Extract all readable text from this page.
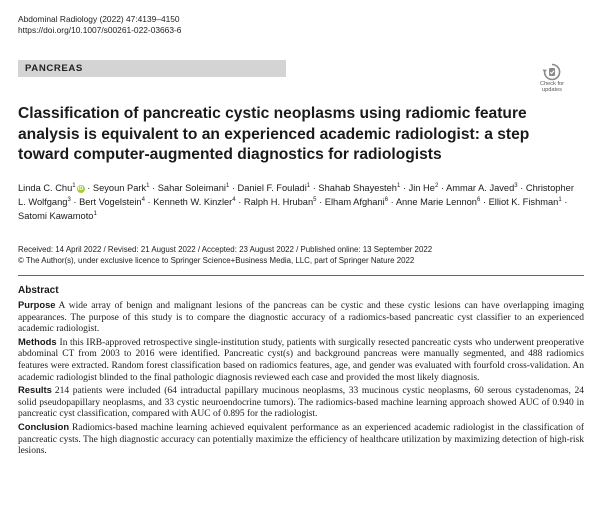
Abdominal Radiology (2022) 47:4139–4150
https://doi.org/10.1007/s00261-022-03663-6
PANCREAS
Check for
updates
Classification of pancreatic cystic neoplasms using radiomic feature analysis is equivalent to an experienced academic radiologist: a step toward computer-augmented diagnostics for radiologists
Linda C. Chu$^1$iD · Seyoun Park$^1$ · Sahar Soleimani$^1$ · Daniel F. Fouladi$^1$ · Shahab Shayesteh$^1$ · Jin $He^2$ · Ammar A. Javed$^3$ · Christopher L. Wolfgang$^3$ · Bert Vogelstein$^4$ · Kenneth W. Kinzler$^4$ · Ralph H. Hruban$^5$ · Elham Afghani$^6$ · Anne Marie Lennon$^6$ · Elliot K. Fishman$^1$ · Satomi Kawamoto$^1$
Received: 14 April 2022 / Revised: 21 August 2022 / Accepted: 23 August 2022 / Published online: 13 September 2022
© The Author(s), under exclusive licence to Springer Science+Business Media, LLC, part of Springer Nature 2022
Abstract

Purpose A wide array of benign and malignant lesions of the pancreas can be cystic and these cystic lesions can have overlapping imaging appearances. The purpose of this study is to compare the diagnostic accuracy of a radiomics-based pancreatic cyst classifier to an experienced academic radiologist.

Methods In this IRB-approved retrospective single-institution study, patients with surgically resected pancreatic cysts who underwent preoperative abdominal CT from 2003 to 2016 were identified. Pancreatic cyst(s) and background pancreas were manually segmented, and 488 radiomics features were extracted. Random forest classification based on radiomics features, age, and gender was evaluated with fourfold cross-validation. An academic radiologist blinded to the final pathologic diagnosis reviewed each case and provided the most likely diagnosis.

Results 214 patients were included (64 intraductal papillary mucinous neoplasms, 33 mucinous cystic neoplasms, 60 serous cystadenomas, 24 solid pseudopapillary neoplasms, and 33 cystic neuroendocrine tumors). The radiomics-based machine learning approach showed AUC of 0.940 in pancreatic cyst classification, compared with AUC of 0.895 for the radiologist.

Conclusion Radiomics-based machine learning achieved equivalent performance as an experienced academic radiologist in the classification of pancreatic cysts. The high diagnostic accuracy can potentially maximize the efficiency of healthcare utilization by maximizing detection of high-risk lesions.
